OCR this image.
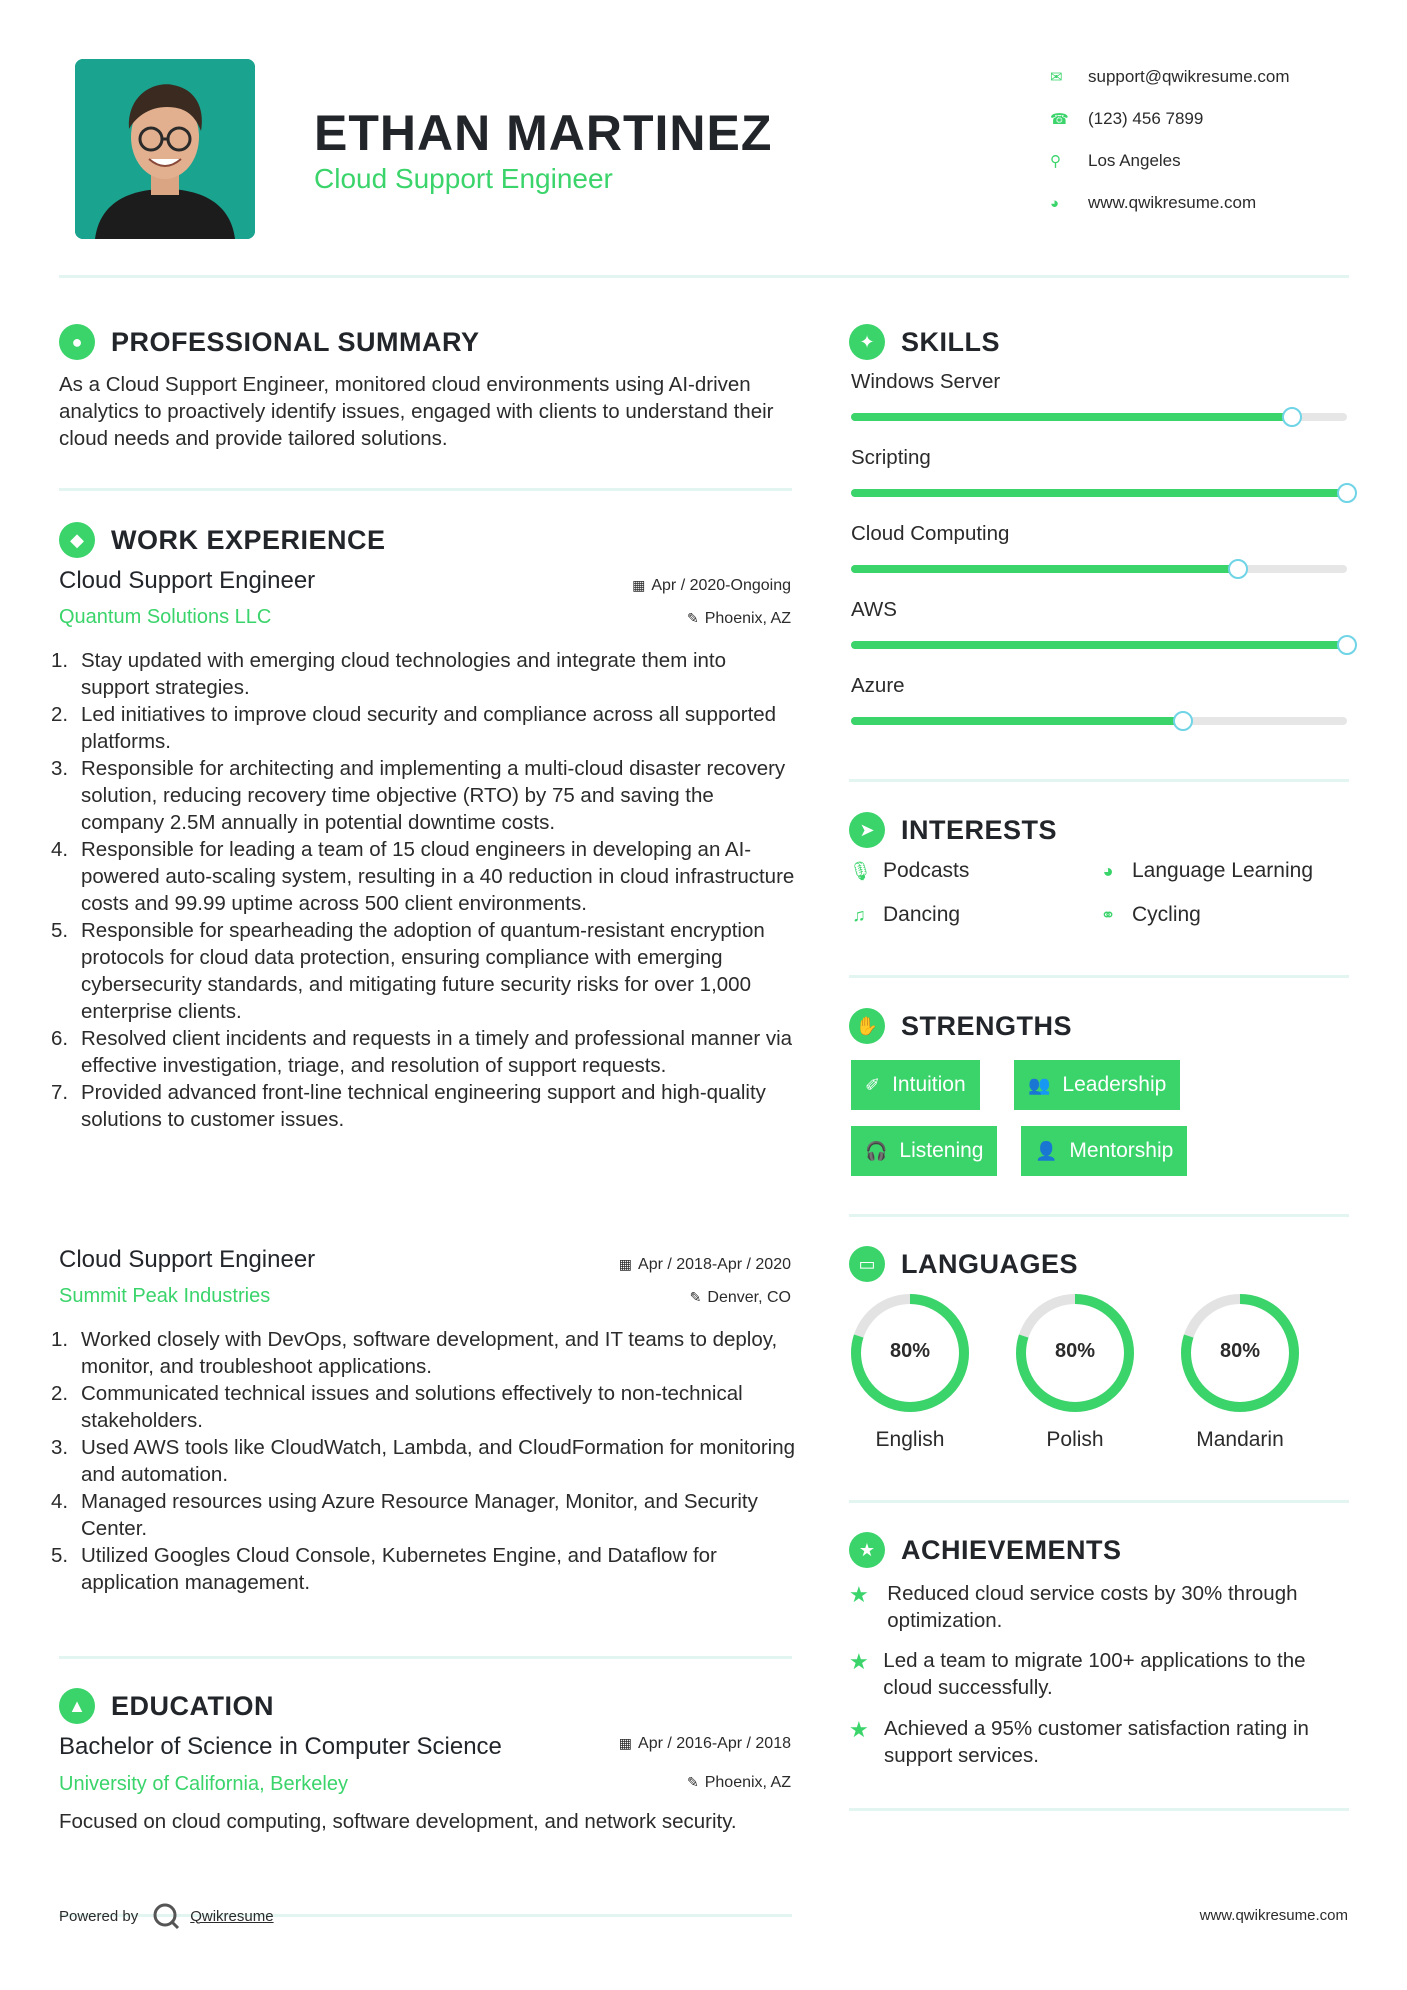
ETHAN MARTINEZ
Cloud Support Engineer
✉	support@qwikresume.com
☎	(123) 456 7899
⚲	Los Angeles
◕	www.qwikresume.com
●	PROFESSIONAL SUMMARY
As a Cloud Support Engineer, monitored cloud environments using AI-driven analytics to proactively identify issues, engaged with clients to understand their cloud needs and provide tailored solutions.
◆	WORK EXPERIENCE
Cloud Support Engineer	▦ Apr / 2020-Ongoing
Quantum Solutions LLC	✎ Phoenix, AZ
1. Stay updated with emerging cloud technologies and integrate them into support strategies.
2. Led initiatives to improve cloud security and compliance across all supported platforms.
3. Responsible for architecting and implementing a multi-cloud disaster recovery solution, reducing recovery time objective (RTO) by 75 and saving the company 2.5M annually in potential downtime costs.
4. Responsible for leading a team of 15 cloud engineers in developing an AI-powered auto-scaling system, resulting in a 40 reduction in cloud infrastructure costs and 99.99 uptime across 500 client environments.
5. Responsible for spearheading the adoption of quantum-resistant encryption protocols for cloud data protection, ensuring compliance with emerging cybersecurity standards, and mitigating future security risks for over 1,000 enterprise clients.
6. Resolved client incidents and requests in a timely and professional manner via effective investigation, triage, and resolution of support requests.
7. Provided advanced front-line technical engineering support and high-quality solutions to customer issues.
Cloud Support Engineer	▦ Apr / 2018-Apr / 2020
Summit Peak Industries	✎ Denver, CO
1. Worked closely with DevOps, software development, and IT teams to deploy, monitor, and troubleshoot applications.
2. Communicated technical issues and solutions effectively to non-technical stakeholders.
3. Used AWS tools like CloudWatch, Lambda, and CloudFormation for monitoring and automation.
4. Managed resources using Azure Resource Manager, Monitor, and Security Center.
5. Utilized Googles Cloud Console, Kubernetes Engine, and Dataflow for application management.
▲ EDUCATION
Bachelor of Science in Computer Science	▦ Apr / 2016-Apr / 2018
University of California, Berkeley	✎ Phoenix, AZ
Focused on cloud computing, software development, and network security.
✦ SKILLS
Windows Server
Scripting
Cloud Computing
AWS
Azure
➤ INTERESTS
🎙 Podcasts	◕ Language Learning
♫ Dancing	⚭ Cycling
✋ STRENGTHS
✐ Intuition	👥 Leadership
🎧 Listening	👤 Mentorship
▭ LANGUAGES
80%
English
80%
Polish
80%
Mandarin
★ ACHIEVEMENTS
★ Reduced cloud service costs by 30% through optimization.
★ Led a team to migrate 100+ applications to the cloud successfully.
★ Achieved a 95% customer satisfaction rating in support services.
Powered by	Qwikresume	www.qwikresume.com
